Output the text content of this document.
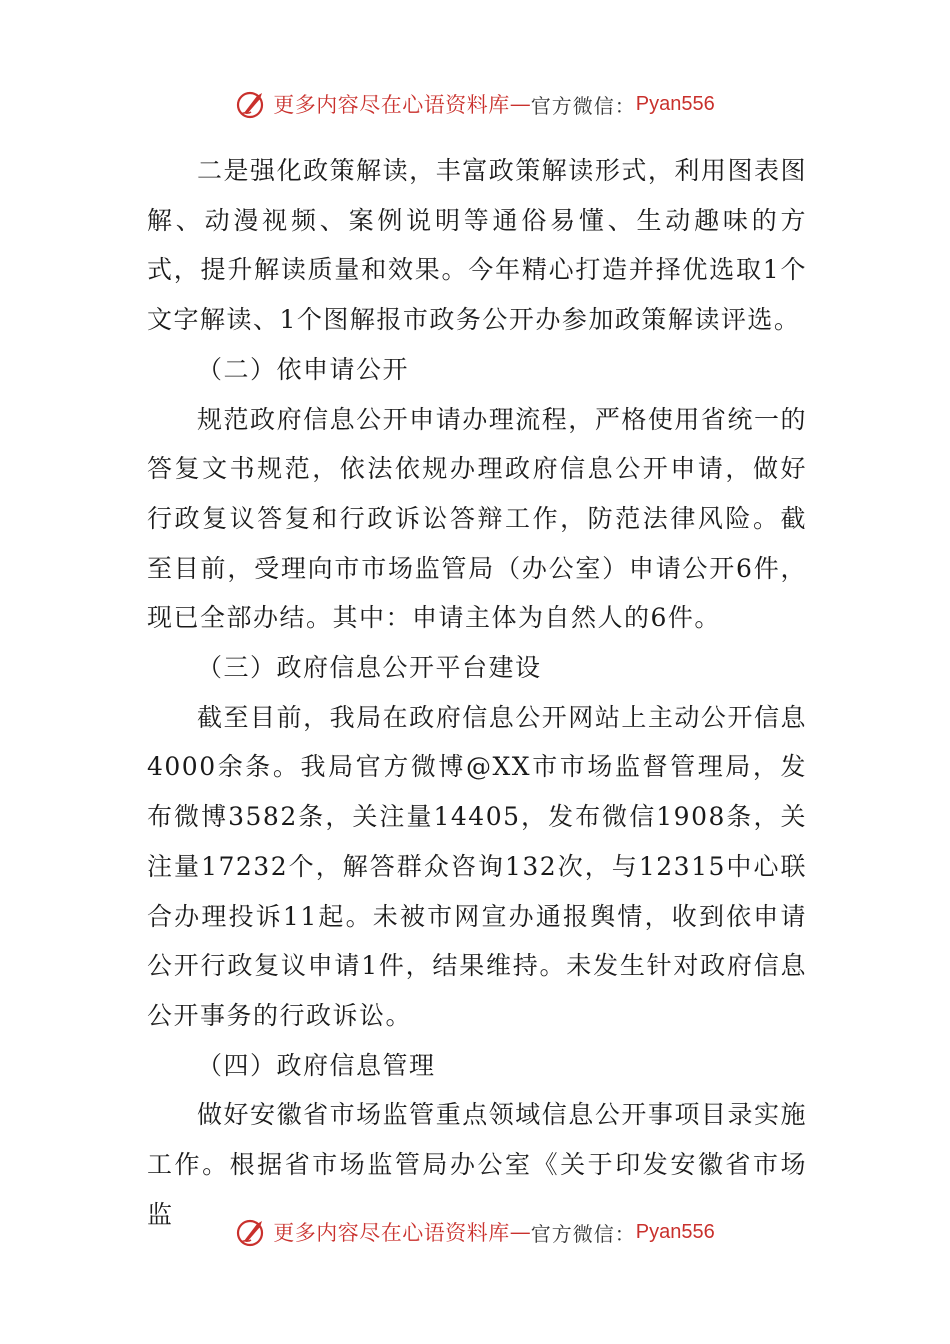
更多内容尽在心语资料库 — 官方微信： Pyan556

二是强化政策解读，丰富政策解读形式，利用图表图解、动漫视频、案例说明等通俗易懂、生动趣味的方式，提升解读质量和效果。今年精心打造并择优选取1个文字解读、1个图解报市政务公开办参加政策解读评选。

（二）依申请公开

规范政府信息公开申请办理流程，严格使用省统一的答复文书规范，依法依规办理政府信息公开申请，做好行政复议答复和行政诉讼答辩工作，防范法律风险。截至目前，受理向市市场监管局（办公室）申请公开6件，现已全部办结。其中：申请主体为自然人的6件。

（三）政府信息公开平台建设

截至目前，我局在政府信息公开网站上主动公开信息4000余条。我局官方微博@XX市市场监督管理局，发布微博3582条，关注量14405，发布微信1908条，关注量17232个，解答群众咨询132次，与12315中心联合办理投诉11起。未被市网宣办通报舆情，收到依申请公开行政复议申请1件，结果维持。未发生针对政府信息公开事务的行政诉讼。

（四）政府信息管理

做好安徽省市场监管重点领域信息公开事项目录实施工作。根据省市场监管局办公室《关于印发安徽省市场监

更多内容尽在心语资料库 — 官方微信： Pyan556
